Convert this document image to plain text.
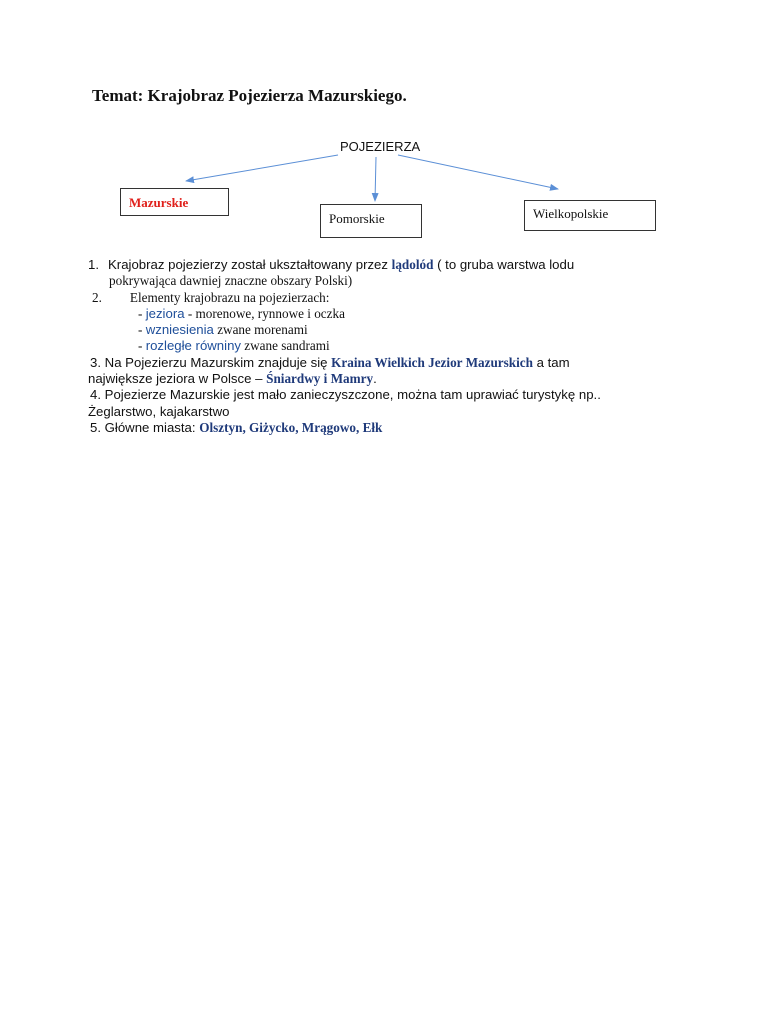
Temat: Krajobraz Pojezierza Mazurskiego.
POJEZIERZA
Mazurskie
Pomorskie	Wielkopolskie
1. Krajobraz pojezierzy został ukształtowany przez lądolód ( to gruba warstwa lodu
pokrywająca dawniej znaczne obszary Polski)
2. Elementy krajobrazu na pojezierzach:
- jeziora - morenowe, rynnowe i oczka
- wzniesienia zwane morenami
- rozległe równiny zwane sandrami
3. Na Pojezierzu Mazurskim znajduje się Kraina Wielkich Jezior Mazurskich a tam
największe jeziora w Polsce – Śniardwy i Mamry.
4. Pojezierze Mazurskie jest mało zanieczyszczone, można tam uprawiać turystykę np..
Żeglarstwo, kajakarstwo
5. Główne miasta: Olsztyn, Giżycko, Mrągowo, Ełk
